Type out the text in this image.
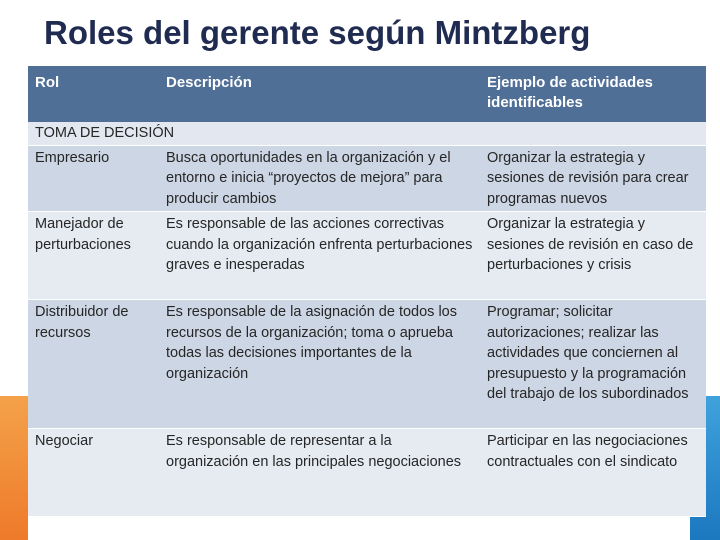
Roles del gerente según Mintzberg
Rol	Descripción	Ejemplo de actividades identificables
TOMA DE DECISIÓN		
Empresario	Busca oportunidades en la organización y el entorno e inicia “proyectos de mejora” para producir cambios	Organizar la estrategia y sesiones de revisión para crear programas nuevos
Manejador de perturbaciones	Es responsable de las acciones correctivas cuando la organización enfrenta perturbaciones graves e inesperadas	Organizar la estrategia y sesiones de revisión en caso de perturbaciones y crisis
Distribuidor de recursos	Es responsable de la asignación de todos los recursos de la organización; toma o aprueba todas las decisiones importantes de la organización	Programar; solicitar autorizaciones; realizar las actividades que conciernen al presupuesto y la programación del trabajo de los subordinados
Negociar	Es responsable de representar a la organización en las principales negociaciones	Participar en las negociaciones contractuales con el sindicato
